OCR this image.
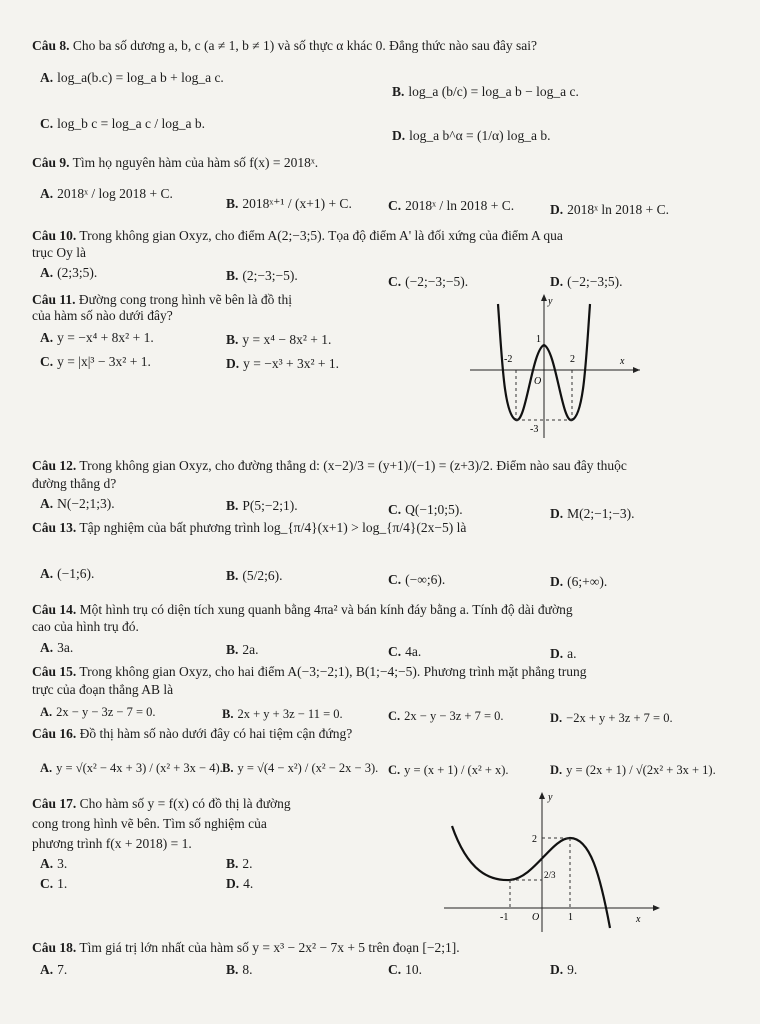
Câu 8. Cho ba số dương a, b, c (a ≠ 1, b ≠ 1) và số thực α khác 0. Đẳng thức nào sau đây sai?
A. log_a(b.c) = log_a b + log_a c.
B. log_a (b/c) = log_a b − log_a c.
C. log_b c = log_a c / log_a b.
D. log_a b^α = (1/α) log_a b.
Câu 9. Tìm họ nguyên hàm của hàm số f(x) = 2018ˣ.
A. 2018ˣ / log 2018 + C.
B. 2018ˣ⁺¹ / (x+1) + C.	C. 2018ˣ / ln 2018 + C.	D. 2018ˣ ln 2018 + C.
Câu 10. Trong không gian Oxyz, cho điểm A(2;−3;5). Tọa độ điểm A' là đối xứng của điểm A qua
trục Oy là
A. (2;3;5).	B. (2;−3;−5).	C. (−2;−3;−5).	D. (−2;−3;5).
Câu 11. Đường cong trong hình vẽ bên là đồ thị
của hàm số nào dưới đây?
A. y = −x⁴ + 8x² + 1.	B. y = x⁴ − 8x² + 1.
C. y = |x|³ − 3x² + 1.	D. y = −x³ + 3x² + 1.
y
x
O
-2	2
1
-3
Câu 12. Trong không gian Oxyz, cho đường thẳng d: (x−2)/3 = (y+1)/(−1) = (z+3)/2. Điểm nào sau đây thuộc
đường thẳng d?
A. N(−2;1;3).	B. P(5;−2;1).	C. Q(−1;0;5).	D. M(2;−1;−3).
Câu 13. Tập nghiệm của bất phương trình log_{π/4}(x+1) > log_{π/4}(2x−5) là
A. (−1;6).	B. (5/2;6).	C. (−∞;6).	D. (6;+∞).
Câu 14. Một hình trụ có diện tích xung quanh bằng 4πa² và bán kính đáy bằng a. Tính độ dài đường
cao của hình trụ đó.
A. 3a.	B. 2a.	C. 4a.	D. a.
Câu 15. Trong không gian Oxyz, cho hai điểm A(−3;−2;1), B(1;−4;−5). Phương trình mặt phẳng trung
trực của đoạn thẳng AB là
A. 2x − y − 3z − 7 = 0.	B. 2x + y + 3z − 11 = 0.	C. 2x − y − 3z + 7 = 0.	D. −2x + y + 3z + 7 = 0.
Câu 16. Đồ thị hàm số nào dưới đây có hai tiệm cận đứng?
A. y = √(x² − 4x + 3) / (x² + 3x − 4). B. y = √(4 − x²) / (x² − 2x − 3). C. y = (x + 1) / (x² + x).	D. y = (2x + 1) / √(2x² + 3x + 1).
Câu 17. Cho hàm số y = f(x) có đồ thị là đường
cong trong hình vẽ bên. Tìm số nghiệm của
phương trình f(x + 2018) = 1.
A. 3.	B. 2.
C. 1.	D. 4.
y
x
O
2
2/3
-1	1
Câu 18. Tìm giá trị lớn nhất của hàm số y = x³ − 2x² − 7x + 5 trên đoạn [−2;1].
A. 7.	B. 8.	C. 10.	D. 9.
